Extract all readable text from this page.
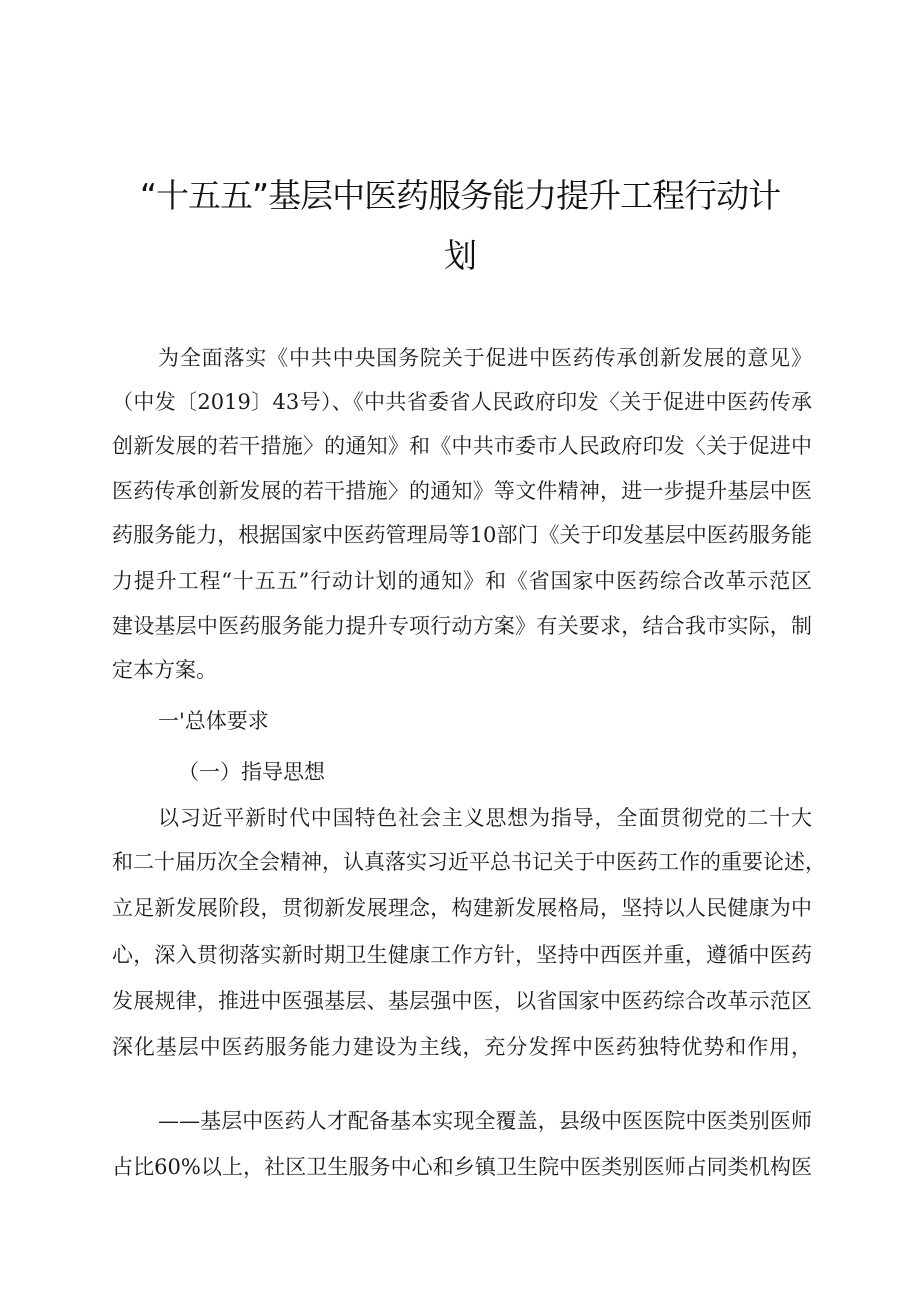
“十五五”基层中医药服务能力提升工程行动计
划
为全面落实《中共中央国务院关于促进中医药传承创新发展的意见》
（中发〔2019〕43号）、《中共省委省人民政府印发〈关于促进中医药传承
创新发展的若干措施〉的通知》和《中共市委市人民政府印发〈关于促进中
医药传承创新发展的若干措施〉的通知》等文件精神，进一步提升基层中医
药服务能力，根据国家中医药管理局等10部门《关于印发基层中医药服务能
力提升工程“十五五”行动计划的通知》和《省国家中医药综合改革示范区
建设基层中医药服务能力提升专项行动方案》有关要求，结合我市实际，制
定本方案。
一'总体要求
（一）指导思想
以习近平新时代中国特色社会主义思想为指导，全面贯彻党的二十大
和二十届历次全会精神，认真落实习近平总书记关于中医药工作的重要论述，
立足新发展阶段，贯彻新发展理念，构建新发展格局，坚持以人民健康为中
心，深入贯彻落实新时期卫生健康工作方针，坚持中西医并重，遵循中医药
发展规律，推进中医强基层、基层强中医，以省国家中医药综合改革示范区
深化基层中医药服务能力建设为主线，充分发挥中医药独特优势和作用，
——基层中医药人才配备基本实现全覆盖，县级中医医院中医类别医师
占比60%以上，社区卫生服务中心和乡镇卫生院中医类别医师占同类机构医
